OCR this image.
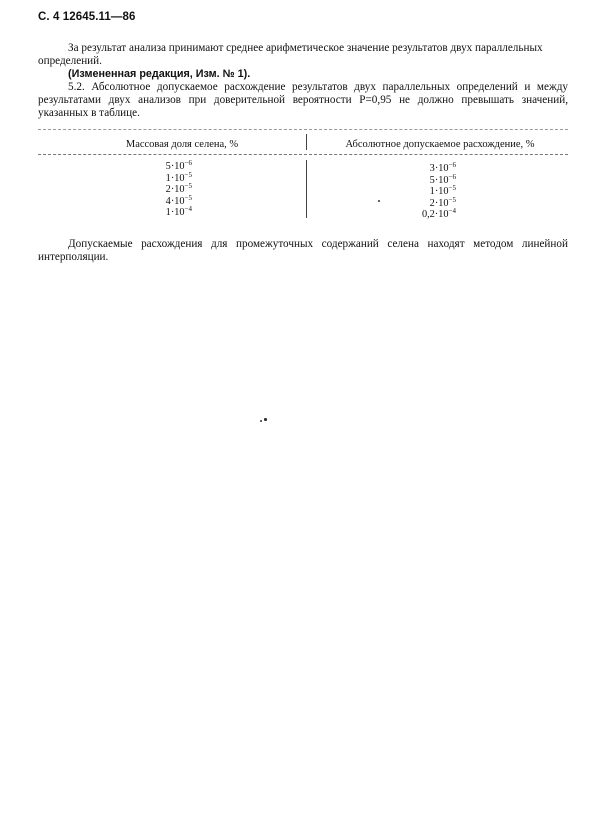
С. 4 12645.11—86
За результат анализа принимают среднее арифметическое значение результатов двух параллельных определений.
(Измененная редакция, Изм. № 1).
5.2. Абсолютное допускаемое расхождение результатов двух параллельных определений и между результатами двух анализов при доверительной вероятности P=0,95 не должно превышать значений, указанных в таблице.
Массовая доля селена, %	Абсолютное допускаемое расхождение, %
$5\cdot 10^{-6}$
$1\cdot 10^{-5}$
$2\cdot 10^{-5}$
$4\cdot 10^{-5}$
$1\cdot 10^{-4}$
$3\cdot 10^{-6}$
$5\cdot 10^{-6}$
$1\cdot 10^{-5}$
$2\cdot 10^{-5}$
$0,2\cdot 10^{-4}$
Допускаемые расхождения для промежуточных содержаний селена находят методом линейной интерполяции.
